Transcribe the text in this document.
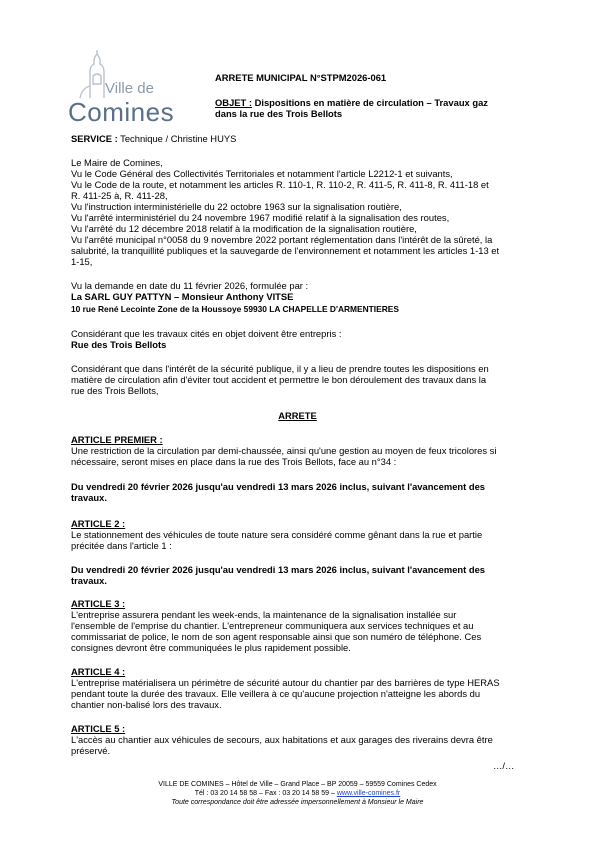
Ville de
Comines
ARRETE MUNICIPAL N°STPM2026-061
OBJET : Dispositions en matière de circulation – Travaux gaz
dans la rue des Trois Bellots
SERVICE : Technique / Christine HUYS
Le Maire de Comines,
Vu le Code Général des Collectivités Territoriales et notamment l'article L2212-1 et suivants,
Vu le Code de la route, et notamment les articles R. 110-1, R. 110-2, R. 411-5, R. 411-8, R. 411-18 et
R. 411-25 à, R. 411-28,
Vu l'instruction interministérielle du 22 octobre 1963 sur la signalisation routière,
Vu l'arrêté interministériel du 24 novembre 1967 modifié relatif à la signalisation des routes,
Vu l'arrêté du 12 décembre 2018 relatif à la modification de la signalisation routière,
Vu l'arrêté municipal n°0058 du 9 novembre 2022 portant réglementation dans l'intérêt de la sûreté, la
salubrité, la tranquillité publiques et la sauvegarde de l'environnement et notamment les articles 1-13 et
1-15,
Vu la demande en date du 11 février 2026, formulée par :
La SARL GUY PATTYN – Monsieur Anthony VITSE
10 rue René Lecointe Zone de la Houssoye 59930 LA CHAPELLE D'ARMENTIERES
Considérant que les travaux cités en objet doivent être entrepris :
Rue des Trois Bellots
Considérant que dans l'intérêt de la sécurité publique, il y a lieu de prendre toutes les dispositions en
matière de circulation afin d'éviter tout accident et permettre le bon déroulement des travaux dans la
rue des Trois Bellots,
ARRETE
ARTICLE PREMIER :
Une restriction de la circulation par demi-chaussée, ainsi qu'une gestion au moyen de feux tricolores si
nécessaire, seront mises en place dans la rue des Trois Bellots, face au n°34 :
Du vendredi 20 février 2026 jusqu'au vendredi 13 mars 2026 inclus, suivant l'avancement des
travaux.
ARTICLE 2 :
Le stationnement des véhicules de toute nature sera considéré comme gênant dans la rue et partie
précitée dans l'article 1 :
Du vendredi 20 février 2026 jusqu'au vendredi 13 mars 2026 inclus, suivant l'avancement des
travaux.
ARTICLE 3 :
L'entreprise assurera pendant les week-ends, la maintenance de la signalisation installée sur
l'ensemble de l'emprise du chantier. L'entrepreneur communiquera aux services techniques et au
commissariat de police, le nom de son agent responsable ainsi que son numéro de téléphone. Ces
consignes devront être communiquées le plus rapidement possible.
ARTICLE 4 :
L'entreprise matérialisera un périmètre de sécurité autour du chantier par des barrières de type HERAS
pendant toute la durée des travaux. Elle veillera à ce qu'aucune projection n'atteigne les abords du
chantier non-balisé lors des travaux.
ARTICLE 5 :
L'accès au chantier aux véhicules de secours, aux habitations et aux garages des riverains devra être
préservé.
…/…
VILLE DE COMINES – Hôtel de Ville – Grand Place – BP 20059 – 59559 Comines Cedex
Tél : 03 20 14 58 58 – Fax : 03 20 14 58 59 – www.ville-comines.fr
Toute correspondance doit être adressée impersonnellement à Monsieur le Maire
